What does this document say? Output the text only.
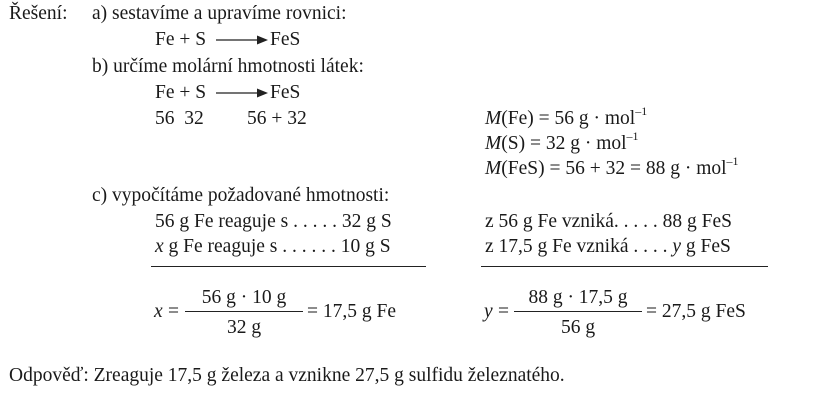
Řešení: a) sestavíme a upravíme rovnici:
Fe + S → FeS
b) určíme molární hmotnosti látek:
Fe + S → FeS
56  32 56 + 32	M(Fe) = 56 g · mol$^{-1}$
M(S) = 32 g · mol$^{-1}$
M(FeS) = 56 + 32 = 88 g · mol$^{-1}$
c) vypočítáme požadované hmotnosti:
56 g Fe reaguje s . . . . . 32 g S
x g Fe reaguje s . . . . . . 10 g S
z 56 g Fe vzniká. . . . . 88 g FeS
z 17,5 g Fe vzniká . . . . y g FeS
x =
56 g · 10 g
32 g
= 17,5 g Fe	y =
88 g · 17,5 g
56 g
= 27,5 g FeS
Odpověď: Zreaguje 17,5 g železa a vznikne 27,5 g sulfidu železnatého.
